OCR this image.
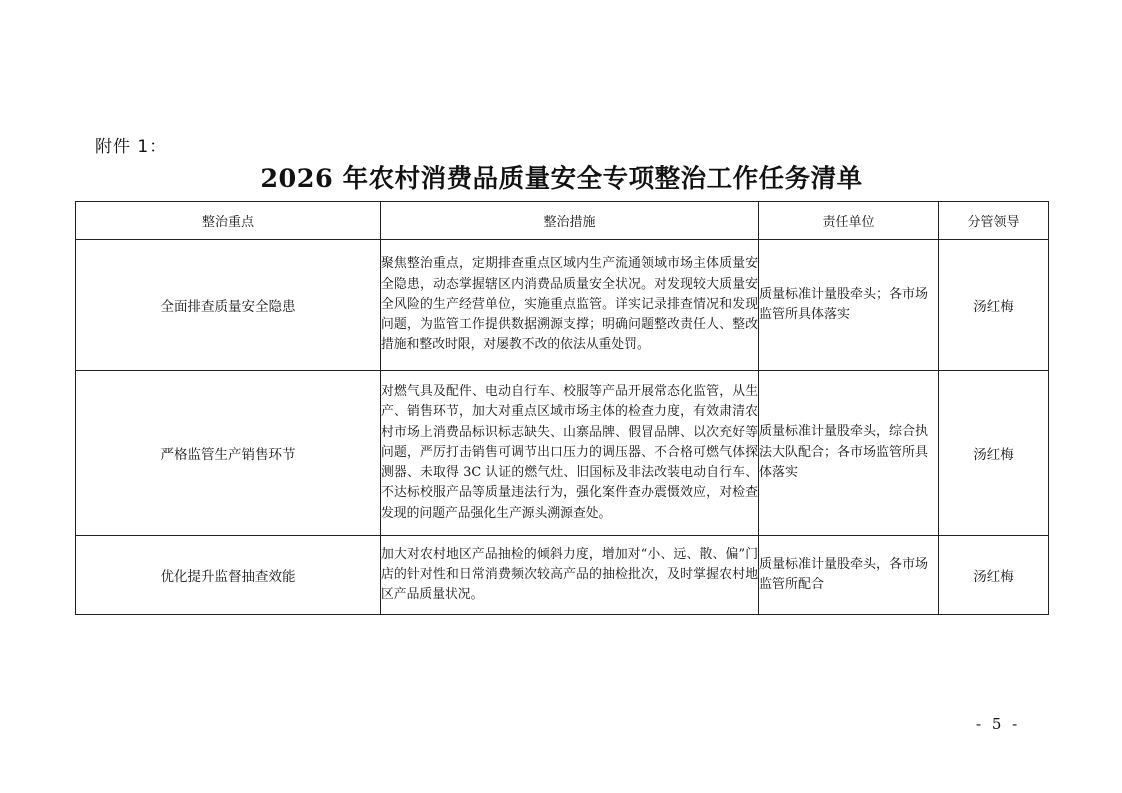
附件 1：
2026 年农村消费品质量安全专项整治工作任务清单
整治重点	整治措施	责任单位	分管领导
全面排查质量安全隐患	聚焦整治重点，定期排查重点区域内生产流通领域市场主体质量安全隐患，动态掌握辖区内消费品质量安全状况。对发现较大质量安全风险的生产经营单位，实施重点监管。详实记录排查情况和发现问题，为监管工作提供数据溯源支撑；明确问题整改责任人、整改措施和整改时限，对屡教不改的依法从重处罚。	质量标准计量股牵头；各市场监管所具体落实	汤红梅
严格监管生产销售环节	对燃气具及配件、电动自行车、校服等产品开展常态化监管，从生产、销售环节，加大对重点区域市场主体的检查力度，有效肃清农村市场上消费品标识标志缺失、山寨品牌、假冒品牌、以次充好等问题，严厉打击销售可调节出口压力的调压器、不合格可燃气体探测器、未取得 3C 认证的燃气灶、旧国标及非法改装电动自行车、不达标校服产品等质量违法行为，强化案件查办震慑效应，对检查发现的问题产品强化生产源头溯源查处。	质量标准计量股牵头，综合执法大队配合；各市场监管所具体落实	汤红梅
优化提升监督抽查效能	加大对农村地区产品抽检的倾斜力度，增加对“小、远、散、偏”门店的针对性和日常消费频次较高产品的抽检批次，及时掌握农村地区产品质量状况。	质量标准计量股牵头，各市场监管所配合	汤红梅
- 5 -
